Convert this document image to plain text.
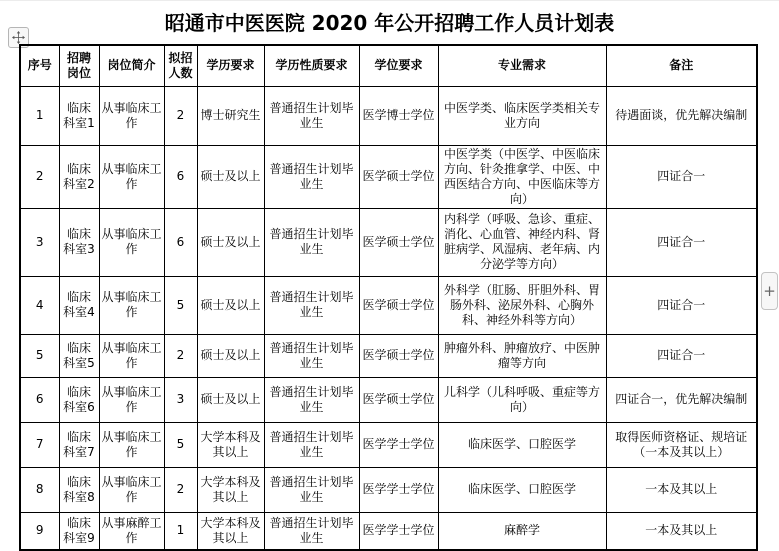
昭通市中医医院 2020 年公开招聘工作人员计划表
序号	招聘岗位	岗位简介	拟招人数	学历要求	学历性质要求	学位要求	专业需求	备注
1	临床科室1	从事临床工作	2	博士研究生	普通招生计划毕业生	医学博士学位	中医学类、临床医学类相关专业方向	待遇面谈，优先解决编制
2	临床科室2	从事临床工作	6	硕士及以上	普通招生计划毕业生	医学硕士学位	中医学类（中医学、中医临床方向、针灸推拿学、中医、中西医结合方向、中医临床等方向）	四证合一
3	临床科室3	从事临床工作	6	硕士及以上	普通招生计划毕业生	医学硕士学位	内科学（呼吸、急诊、重症、消化、心血管、神经内科、肾脏病学、风湿病、老年病、内分泌学等方向）	四证合一
4	临床科室4	从事临床工作	5	硕士及以上	普通招生计划毕业生	医学硕士学位	外科学（肛肠、肝胆外科、胃肠外科、泌尿外科、心胸外科、神经外科等方向）	四证合一
5	临床科室5	从事临床工作	2	硕士及以上	普通招生计划毕业生	医学硕士学位	肿瘤外科、肿瘤放疗、中医肿瘤等方向	四证合一
6	临床科室6	从事临床工作	3	硕士及以上	普通招生计划毕业生	医学硕士学位	儿科学（儿科呼吸、重症等方向）	四证合一，优先解决编制
7	临床科室7	从事临床工作	5	大学本科及其以上	普通招生计划毕业生	医学学士学位	临床医学、口腔医学	取得医师资格证、规培证（一本及其以上）
8	临床科室8	从事临床工作	2	大学本科及其以上	普通招生计划毕业生	医学学士学位	临床医学、口腔医学	一本及其以上
9	临床科室9	从事麻醉工作	1	大学本科及其以上	普通招生计划毕业生	医学学士学位	麻醉学	一本及其以上
+
